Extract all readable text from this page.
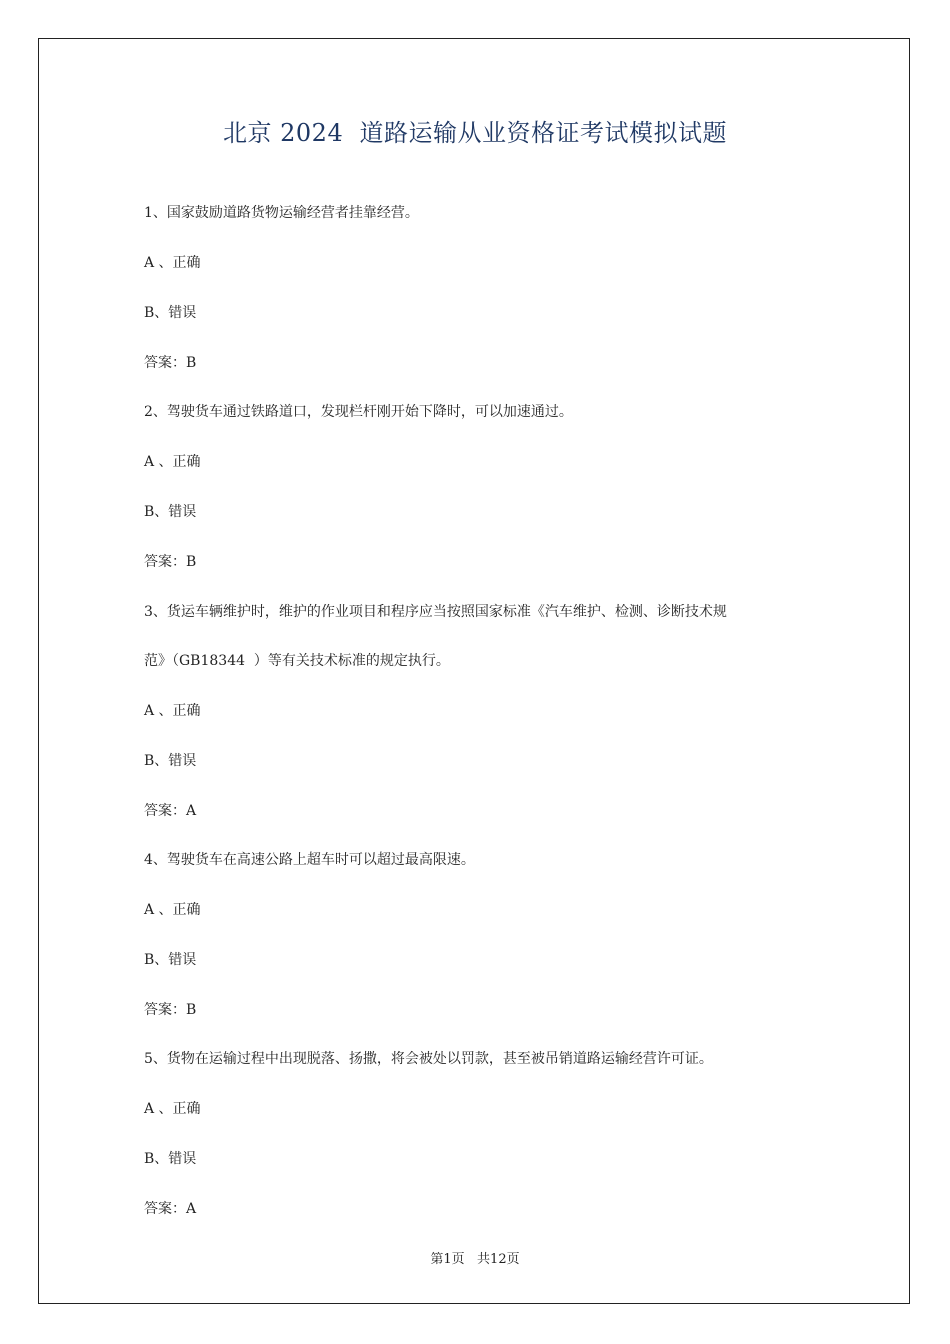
北京 2024  道路运输从业资格证考试模拟试题
1、国家鼓励道路货物运输经营者挂靠经营。
A 、正确
B、错误
答案：B
2、驾驶货车通过铁路道口，发现栏杆刚开始下降时，可以加速通过。
A 、正确
B、错误
答案：B
3、货运车辆维护时，维护的作业项目和程序应当按照国家标准《汽车维护、检测、诊断技术规
范》（GB18344  ）等有关技术标准的规定执行。
A 、正确
B、错误
答案：A
4、驾驶货车在高速公路上超车时可以超过最高限速。
A 、正确
B、错误
答案：B
5、货物在运输过程中出现脱落、扬撒，将会被处以罚款，甚至被吊销道路运输经营许可证。
A 、正确
B、错误
答案：A
第1页   共12页
